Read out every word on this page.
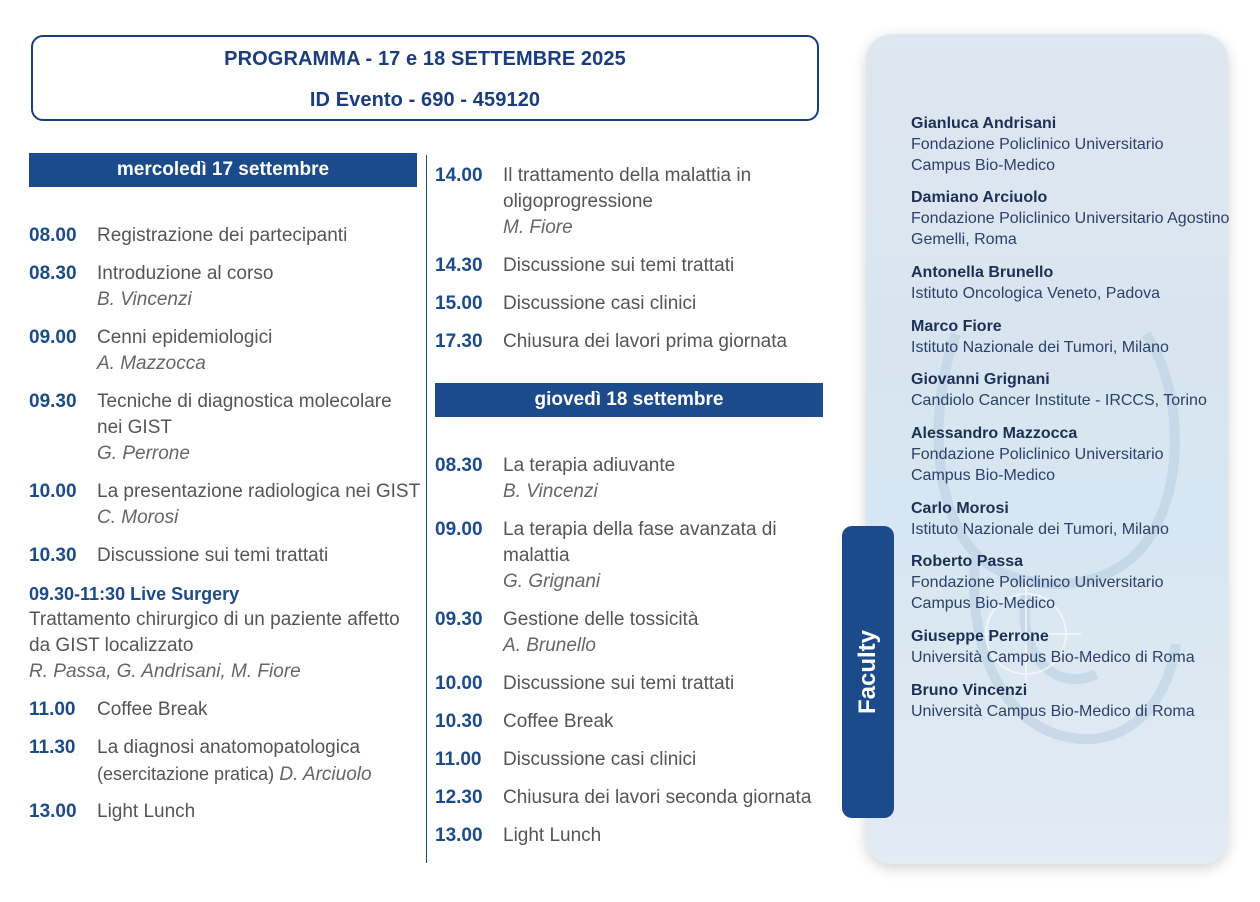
PROGRAMMA - 17 e 18 SETTEMBRE 2025
ID Evento - 690 - 459120
mercoledì 17 settembre
08.00	Registrazione dei partecipanti
08.30	Introduzione al corso
B. Vincenzi
09.00	Cenni epidemiologici
A. Mazzocca
09.30	Tecniche di diagnostica molecolare nei GIST
G. Perrone
10.00	La presentazione radiologica nei GIST
C. Morosi
10.30	Discussione sui temi trattati
09.30-11:30 Live Surgery
Trattamento chirurgico di un paziente affetto da GIST localizzato
R. Passa, G. Andrisani, M. Fiore
11.00	Coffee Break
11.30	La diagnosi anatomopatologica
(esercitazione pratica) D. Arciuolo
13.00	Light Lunch
14.00	Il trattamento della malattia in oligoprogressione
M. Fiore
14.30	Discussione sui temi trattati
15.00	Discussione casi clinici
17.30	Chiusura dei lavori prima giornata
giovedì 18 settembre
08.30	La terapia adiuvante
B. Vincenzi
09.00	La terapia della fase avanzata di malattia
G. Grignani
09.30	Gestione delle tossicità
A. Brunello
10.00	Discussione sui temi trattati
10.30	Coffee Break
11.00	Discussione casi clinici
12.30	Chiusura dei lavori seconda giornata
13.00	Light Lunch
Faculty
Gianluca Andrisani
Fondazione Policlinico Universitario
Campus Bio-Medico
Damiano Arciuolo
Fondazione Policlinico Universitario Agostino
Gemelli, Roma
Antonella Brunello
Istituto Oncologica Veneto, Padova
Marco Fiore
Istituto Nazionale dei Tumori, Milano
Giovanni Grignani
Candiolo Cancer Institute - IRCCS, Torino
Alessandro Mazzocca
Fondazione Policlinico Universitario
Campus Bio-Medico
Carlo Morosi
Istituto Nazionale dei Tumori, Milano
Roberto Passa
Fondazione Policlinico Universitario
Campus Bio-Medico
Giuseppe Perrone
Università Campus Bio-Medico di Roma
Bruno Vincenzi
Università Campus Bio-Medico di Roma
